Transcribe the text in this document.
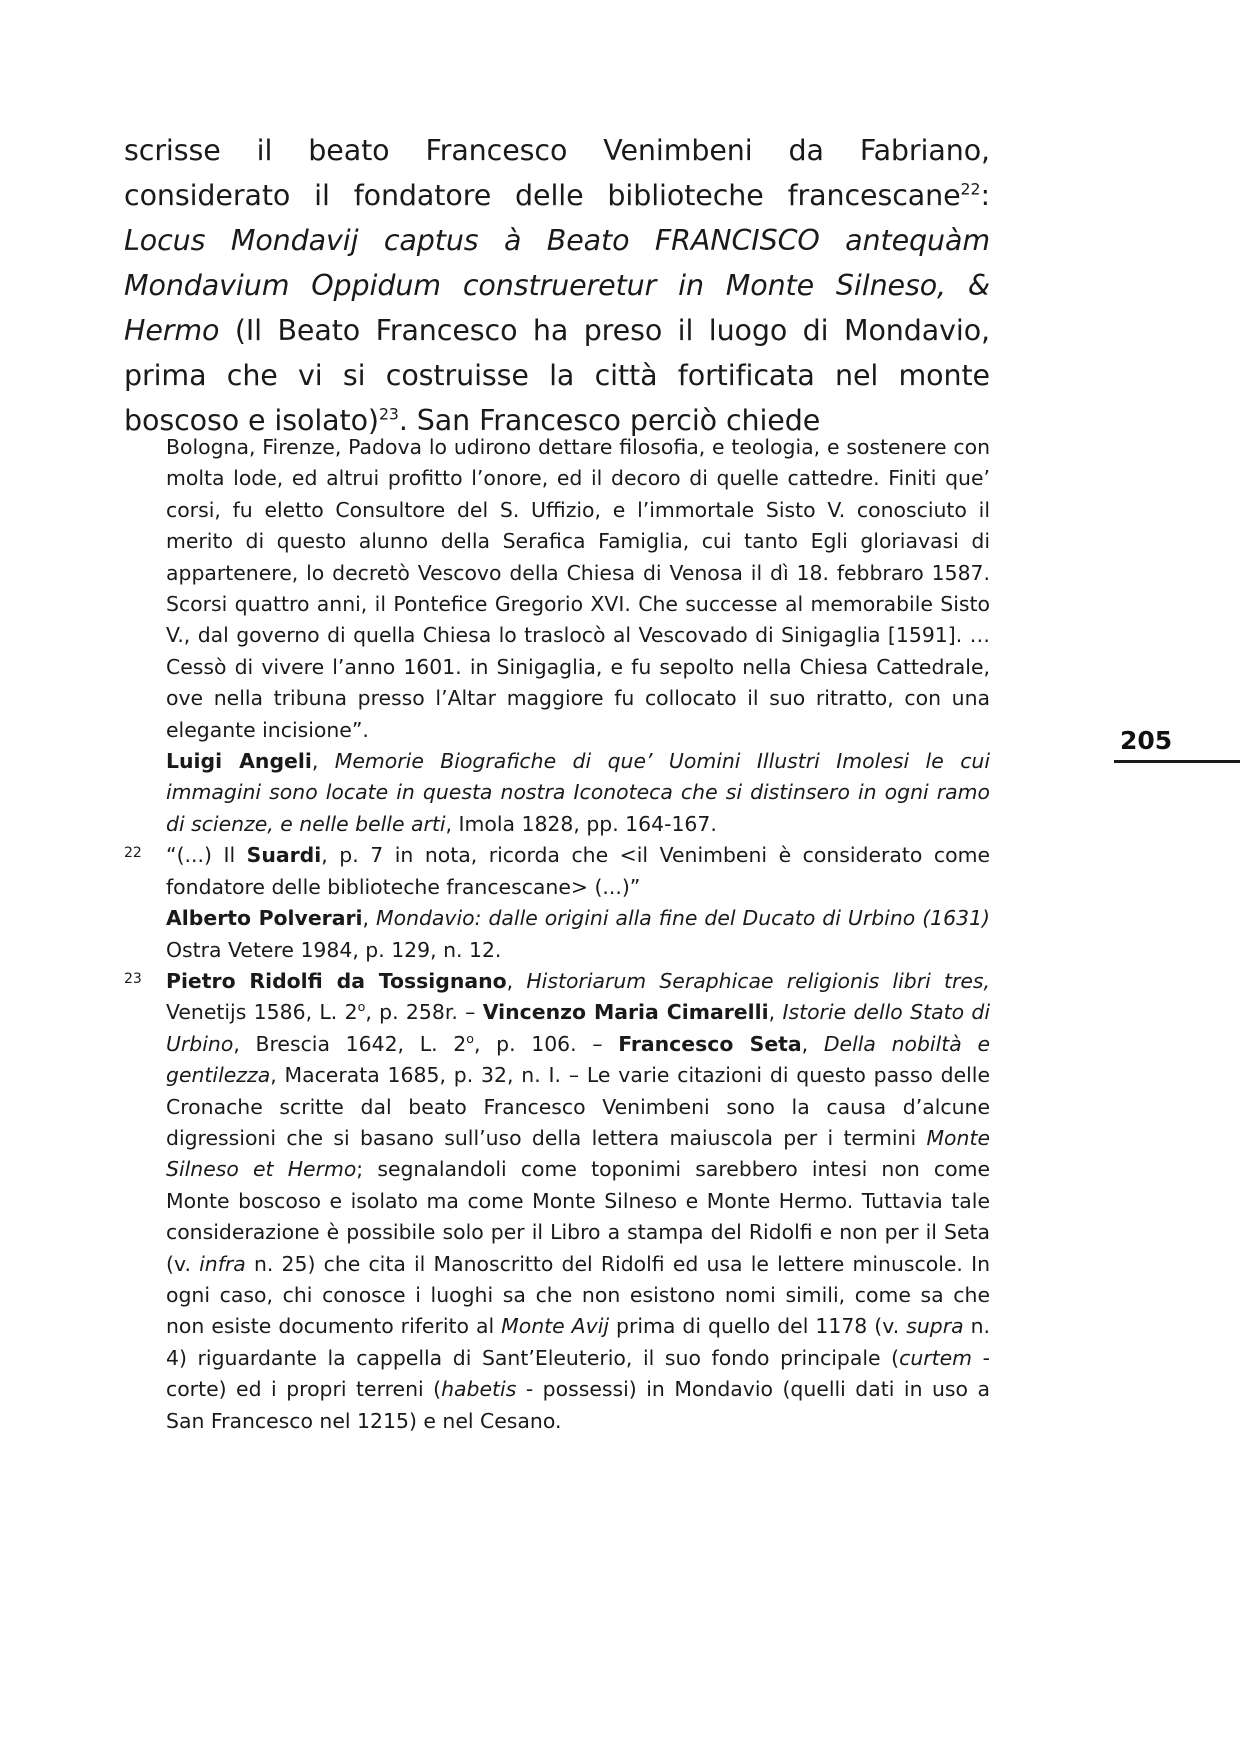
scrisse il beato Francesco Venimbeni da Fabriano, considerato il fondatore delle biblioteche francescane$^{22}$: Locus Mondavij captus à Beato FRANCISCO antequàm Mondavium Oppidum construeretur in Monte Silneso, & Hermo (Il Beato Francesco ha preso il luogo di Mondavio, prima che vi si costruisse la città fortificata nel monte boscoso e isolato)$^{23}$. San Francesco perciò chiede

205

Bologna, Firenze, Padova lo udirono dettare filosofia, e teologia, e sostenere con molta lode, ed altrui profitto l’onore, ed il decoro di quelle cattedre. Finiti que’ corsi, fu eletto Consultore del S. Uffizio, e l’immortale Sisto V. conosciuto il merito di questo alunno della Serafica Famiglia, cui tanto Egli gloriavasi di appartenere, lo decretò Vescovo della Chiesa di Venosa il dì 18. febbraro 1587. Scorsi quattro anni, il Pontefice Gregorio XVI. Che successe al memorabile Sisto V., dal governo di quella Chiesa lo traslocò al Vescovado di Sinigaglia [1591]. … Cessò di vivere l’anno 1601. in Sinigaglia, e fu sepolto nella Chiesa Cattedrale, ove nella tribuna presso l’Altar maggiore fu collocato il suo ritratto, con una elegante incisione”.

Luigi Angeli, Memorie Biografiche di que’ Uomini Illustri Imolesi le cui immagini sono locate in questa nostra Iconoteca che si distinsero in ogni ramo di scienze, e nelle belle arti, Imola 1828, pp. 164-167.

22	“(...) Il Suardi, p. 7 in nota, ricorda che <il Venimbeni è considerato come fondatore delle biblioteche francescane> (...)”
Alberto Polverari, Mondavio: dalle origini alla fine del Ducato di Urbino (1631) Ostra Vetere 1984, p. 129, n. 12.

23	Pietro Ridolfi da Tossignano, Historiarum Seraphicae religionis libri tres, Venetijs 1586, L. 2$^o$, p. 258r. – Vincenzo Maria Cimarelli, Istorie dello Stato di Urbino, Brescia 1642, L. 2$^o$, p. 106. – Francesco Seta, Della nobiltà e gentilezza, Macerata 1685, p. 32, n. I. – Le varie citazioni di questo passo delle Cronache scritte dal beato Francesco Venimbeni sono la causa d’alcune digressioni che si basano sull’uso della lettera maiuscola per i termini Monte Silneso et Hermo; segnalandoli come toponimi sarebbero intesi non come Monte boscoso e isolato ma come Monte Silneso e Monte Hermo. Tuttavia tale considerazione è possibile solo per il Libro a stampa del Ridolfi e non per il Seta (v. infra n. 25) che cita il Manoscritto del Ridolfi ed usa le lettere minuscole. In ogni caso, chi conosce i luoghi sa che non esistono nomi simili, come sa che non esiste documento riferito al Monte Avij prima di quello del 1178 (v. supra n. 4) riguardante la cappella di Sant’Eleuterio, il suo fondo principale (curtem - corte) ed i propri terreni (habetis - possessi) in Mondavio (quelli dati in uso a San Francesco nel 1215) e nel Cesano.
